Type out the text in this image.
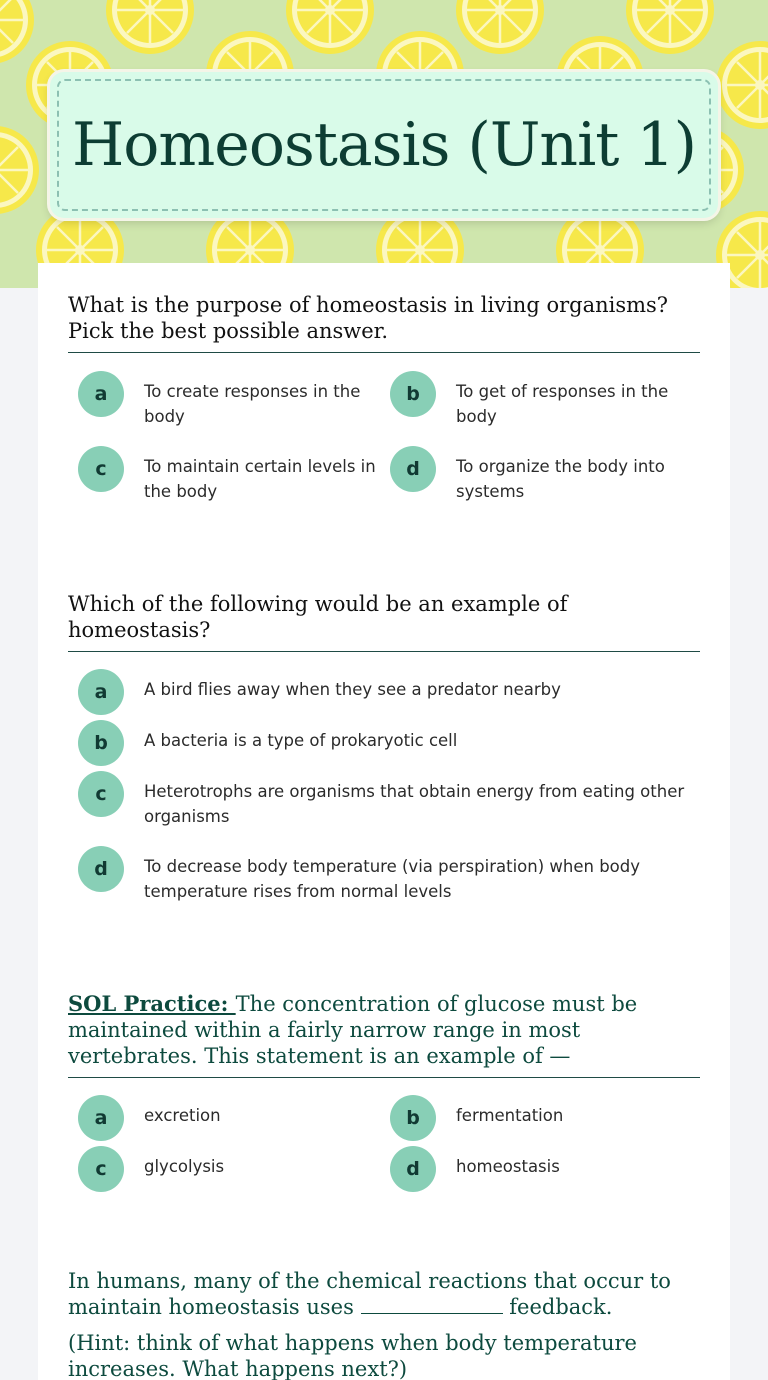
Homeostasis (Unit 1)
What is the purpose of homeostasis in living organisms? Pick the best possible answer.
a	To create responses in the body
b	To get of responses in the body
c	To maintain certain levels in the body
d	To organize the body into systems
Which of the following would be an example of homeostasis?
a	A bird flies away when they see a predator nearby
b	A bacteria is a type of prokaryotic cell
c	Heterotrophs are organisms that obtain energy from eating other organisms
d	To decrease body temperature (via perspiration) when body temperature rises from normal levels
SOL Practice: The concentration of glucose must be maintained within a fairly narrow range in most vertebrates. This statement is an example of —
a	excretion	b	fermentation
c	glycolysis	d	homeostasis

In humans, many of the chemical reactions that occur to maintain homeostasis uses	feedback.

(Hint: think of what happens when body temperature increases. What happens next?)
